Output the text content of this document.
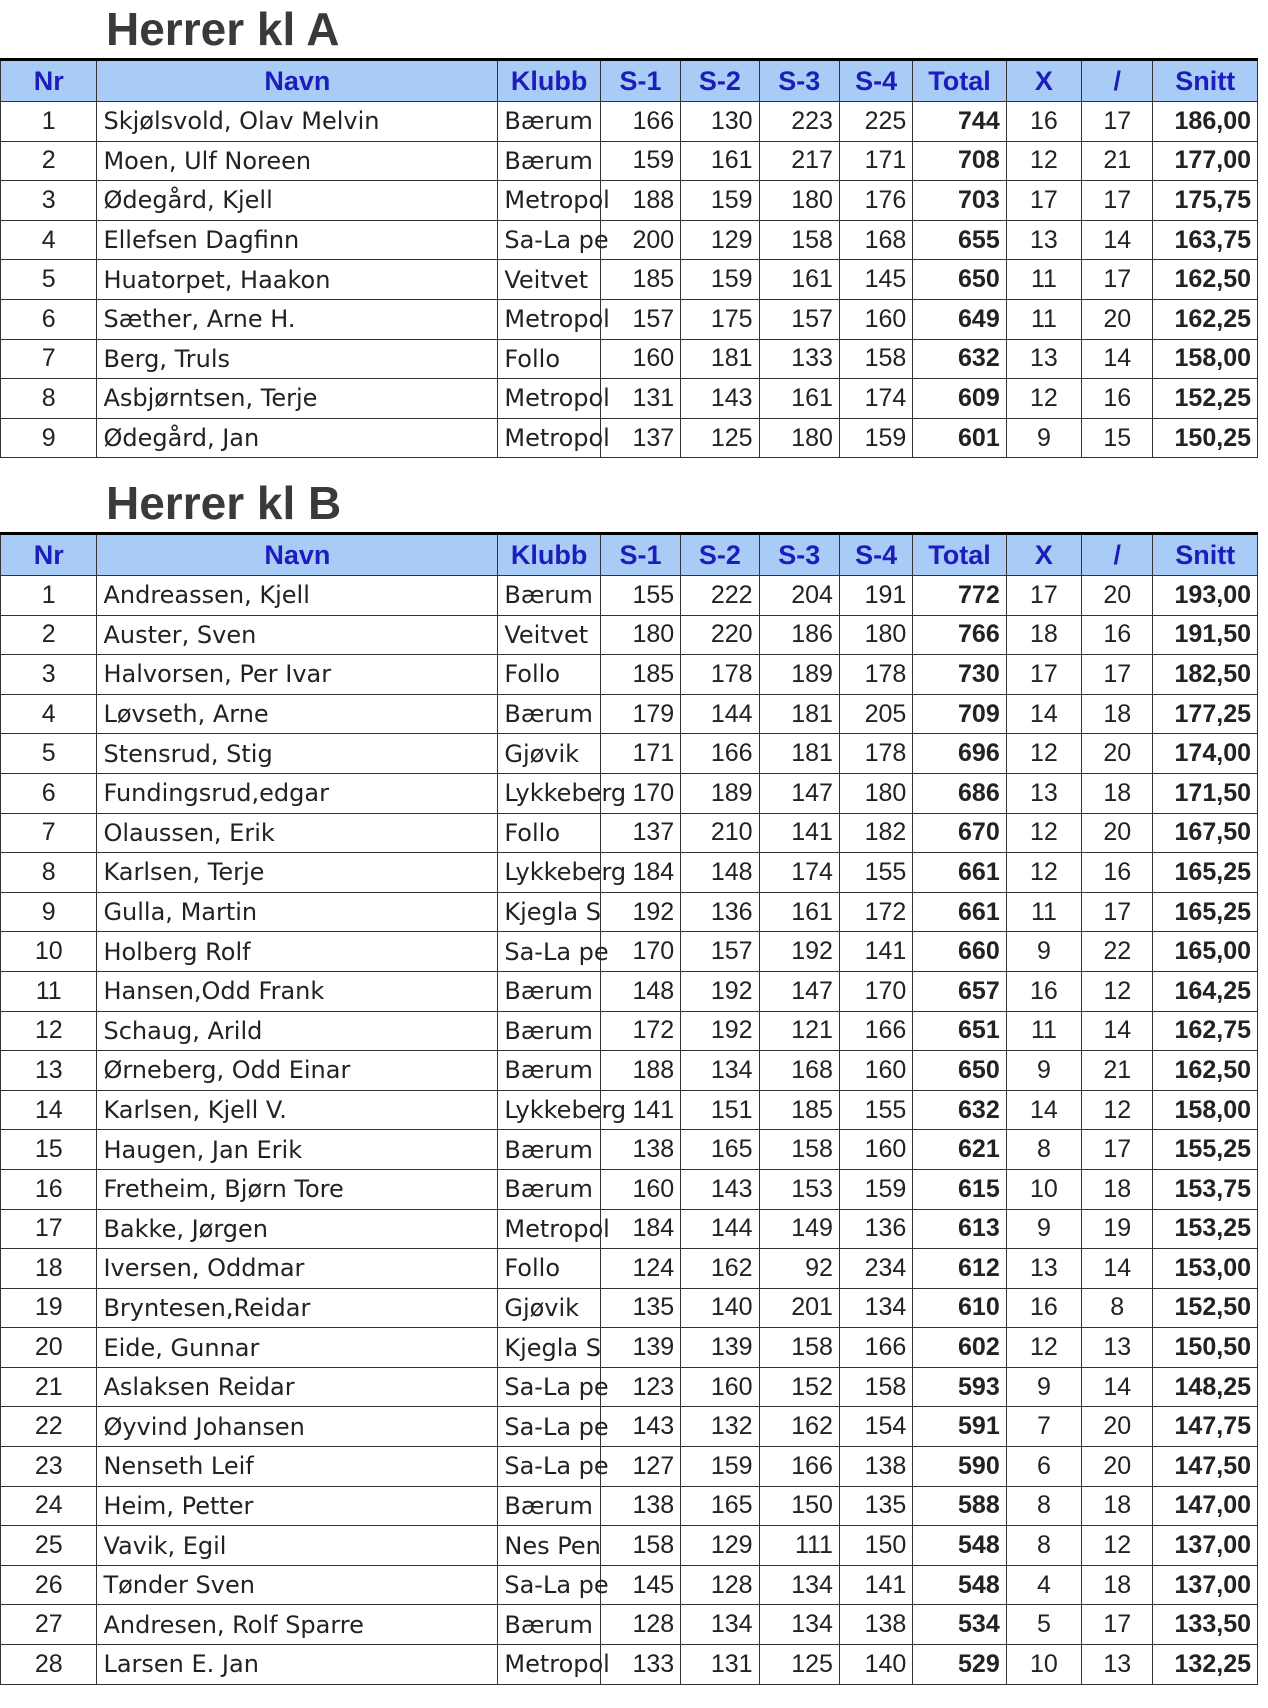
Herrer kl A
Nr	Navn	Klubb	S-1	S-2	S-3	S-4	Total	X	/	Snitt
1	Skjølsvold, Olav Melvin	Bærum	166	130	223	225	744	16	17	186,00
2	Moen, Ulf Noreen	Bærum	159	161	217	171	708	12	21	177,00
3	Ødegård, Kjell	Metropol	188	159	180	176	703	17	17	175,75
4	Ellefsen Dagfinn	Sa-La pe	200	129	158	168	655	13	14	163,75
5	Huatorpet, Haakon	Veitvet	185	159	161	145	650	11	17	162,50
6	Sæther, Arne H.	Metropol	157	175	157	160	649	11	20	162,25
7	Berg, Truls	Follo	160	181	133	158	632	13	14	158,00
8	Asbjørntsen, Terje	Metropol	131	143	161	174	609	12	16	152,25
9	Ødegård, Jan	Metropol	137	125	180	159	601	9	15	150,25
Herrer kl B
Nr	Navn	Klubb	S-1	S-2	S-3	S-4	Total	X	/	Snitt
1	Andreassen, Kjell	Bærum	155	222	204	191	772	17	20	193,00
2	Auster, Sven	Veitvet	180	220	186	180	766	18	16	191,50
3	Halvorsen, Per Ivar	Follo	185	178	189	178	730	17	17	182,50
4	Løvseth, Arne	Bærum	179	144	181	205	709	14	18	177,25
5	Stensrud, Stig	Gjøvik	171	166	181	178	696	12	20	174,00
6	Fundingsrud,edgar	Lykkeberg	170	189	147	180	686	13	18	171,50
7	Olaussen, Erik	Follo	137	210	141	182	670	12	20	167,50
8	Karlsen, Terje	Lykkeberg	184	148	174	155	661	12	16	165,25
9	Gulla, Martin	Kjegla S	192	136	161	172	661	11	17	165,25
10	Holberg Rolf	Sa-La pe	170	157	192	141	660	9	22	165,00
11	Hansen,Odd Frank	Bærum	148	192	147	170	657	16	12	164,25
12	Schaug, Arild	Bærum	172	192	121	166	651	11	14	162,75
13	Ørneberg, Odd Einar	Bærum	188	134	168	160	650	9	21	162,50
14	Karlsen, Kjell V.	Lykkeberg	141	151	185	155	632	14	12	158,00
15	Haugen, Jan Erik	Bærum	138	165	158	160	621	8	17	155,25
16	Fretheim, Bjørn Tore	Bærum	160	143	153	159	615	10	18	153,75
17	Bakke, Jørgen	Metropol	184	144	149	136	613	9	19	153,25
18	Iversen, Oddmar	Follo	124	162	92	234	612	13	14	153,00
19	Bryntesen,Reidar	Gjøvik	135	140	201	134	610	16	8	152,50
20	Eide, Gunnar	Kjegla S	139	139	158	166	602	12	13	150,50
21	Aslaksen Reidar	Sa-La pe	123	160	152	158	593	9	14	148,25
22	Øyvind Johansen	Sa-La pe	143	132	162	154	591	7	20	147,75
23	Nenseth Leif	Sa-La pe	127	159	166	138	590	6	20	147,50
24	Heim, Petter	Bærum	138	165	150	135	588	8	18	147,00
25	Vavik, Egil	Nes Pen	158	129	111	150	548	8	12	137,00
26	Tønder Sven	Sa-La pe	145	128	134	141	548	4	18	137,00
27	Andresen, Rolf Sparre	Bærum	128	134	134	138	534	5	17	133,50
28	Larsen E. Jan	Metropol	133	131	125	140	529	10	13	132,25
